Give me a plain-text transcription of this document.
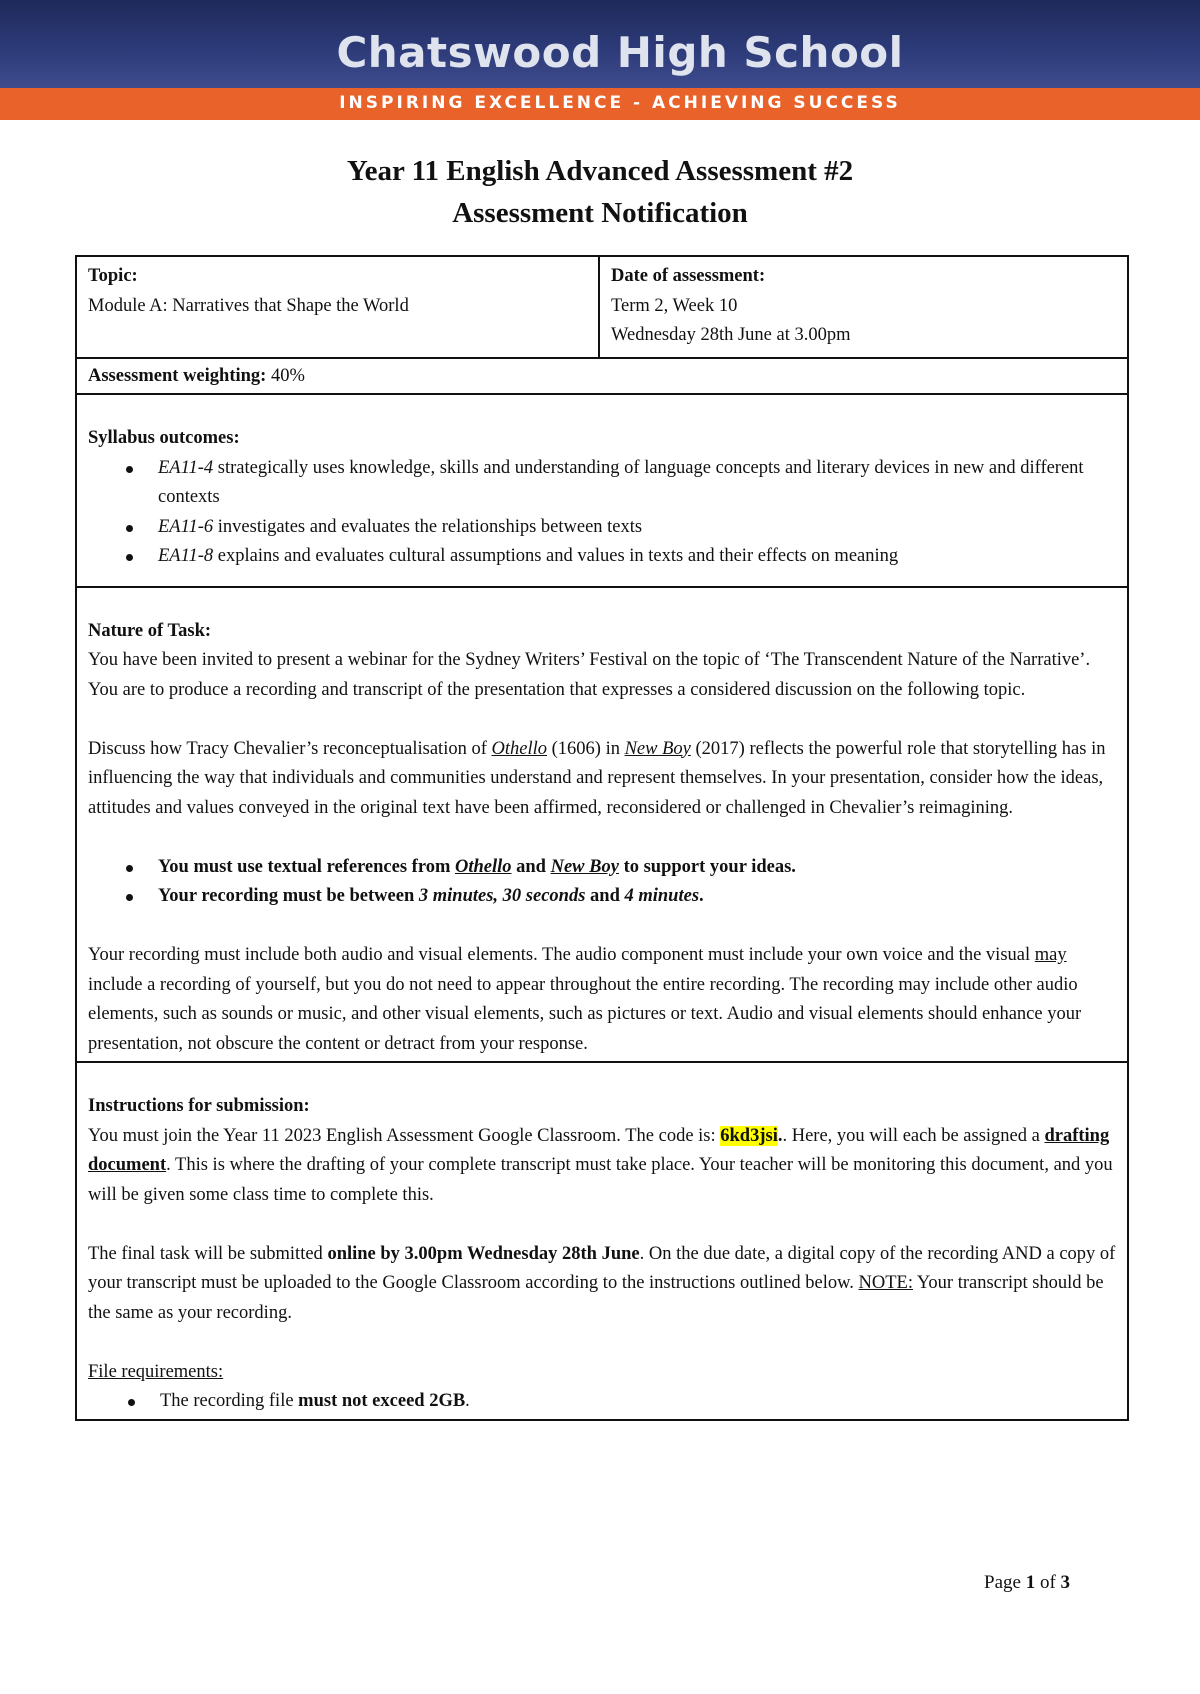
Chatswood High School
INSPIRING EXCELLENCE - ACHIEVING SUCCESS
Year 11 English Advanced Assessment #2
Assessment Notification
Topic:
Module A: Narratives that Shape the World
Date of assessment:
Term 2, Week 10
Wednesday 28th June at 3.00pm
Assessment weighting: 40%
Syllabus outcomes:
EA11-4 strategically uses knowledge, skills and understanding of language concepts and literary devices in new and different contexts
EA11-6 investigates and evaluates the relationships between texts
EA11-8 explains and evaluates cultural assumptions and values in texts and their effects on meaning
Nature of Task:

You have been invited to present a webinar for the Sydney Writers’ Festival on the topic of ‘The Transcendent Nature of the Narrative’. You are to produce a recording and transcript of the presentation that expresses a considered discussion on the following topic.

Discuss how Tracy Chevalier’s reconceptualisation of Othello (1606) in New Boy (2017) reflects the powerful role that storytelling has in influencing the way that individuals and communities understand and represent themselves. In your presentation, consider how the ideas, attitudes and values conveyed in the original text have been affirmed, reconsidered or challenged in Chevalier’s reimagining.

You must use textual references from Othello and New Boy to support your ideas.
Your recording must be between 3 minutes, 30 seconds and 4 minutes.

Your recording must include both audio and visual elements. The audio component must include your own voice and the visual may include a recording of yourself, but you do not need to appear throughout the entire recording. The recording may include other audio elements, such as sounds or music, and other visual elements, such as pictures or text. Audio and visual elements should enhance your presentation, not obscure the content or detract from your response.

Instructions for submission:

You must join the Year 11 2023 English Assessment Google Classroom. The code is: 6kd3jsi.. Here, you will each be assigned a drafting document. This is where the drafting of your complete transcript must take place. Your teacher will be monitoring this document, and you will be given some class time to complete this.

The final task will be submitted online by 3.00pm Wednesday 28th June. On the due date, a digital copy of the recording AND a copy of your transcript must be uploaded to the Google Classroom according to the instructions outlined below. NOTE: Your transcript should be the same as your recording.

File requirements:
The recording file must not exceed 2GB.
Page 1 of 3
